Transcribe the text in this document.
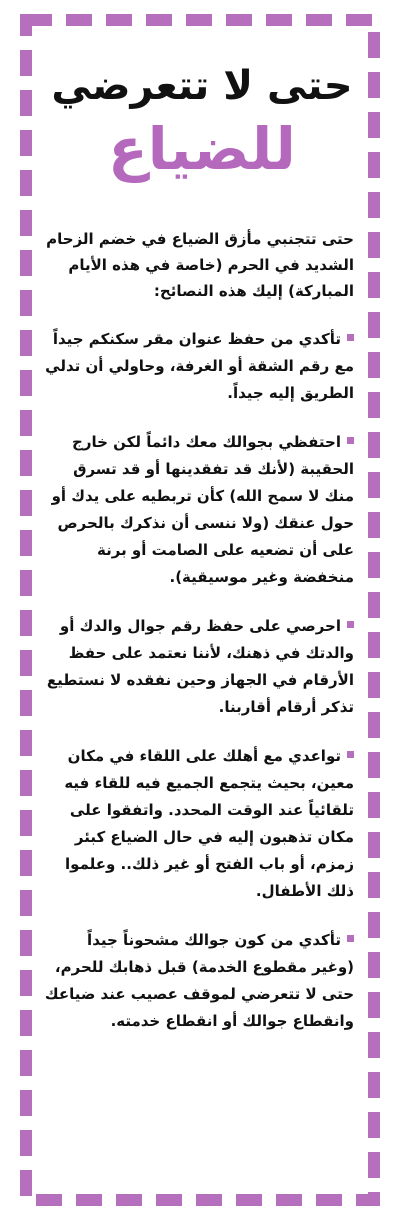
حتى لا تتعرضي
للضياع

حتى تتجنبي مأزق الضياع في خضم الزحام الشديد في الحرم (خاصة في هذه الأيام المباركة) إليك هذه النصائح:

تأكدي من حفظ عنوان مقر سكنكم جيداً مع رقم الشقة أو الغرفة، وحاولي أن تدلي الطريق إليه جيداً.
احتفظي بجوالك معك دائماً لكن خارج الحقيبة (لأنك قد تفقدينها أو قد تسرق منك لا سمح الله) كأن تربطيه على يدك أو حول عنقك (ولا ننسى أن نذكرك بالحرص على أن تضعيه على الصامت أو برنة منخفضة وغير موسيقية).
احرصي على حفظ رقم جوال والدك أو والدتك في ذهنك، لأننا نعتمد على حفظ الأرقام في الجهاز وحين نفقده لا نستطيع تذكر أرقام أقاربنا.
تواعدي مع أهلك على اللقاء في مكان معين، بحيث يتجمع الجميع فيه للقاء فيه تلقائياً عند الوقت المحدد. واتفقوا على مكان تذهبون إليه في حال الضياع كبئر زمزم، أو باب الفتح أو غير ذلك.. وعلموا ذلك الأطفال.
تأكدي من كون جوالك مشحوناً جيداً (وغير مقطوع الخدمة) قبل ذهابك للحرم، حتى لا تتعرضي لموقف عصيب عند ضياعك وانقطاع جوالك أو انقطاع خدمته.
